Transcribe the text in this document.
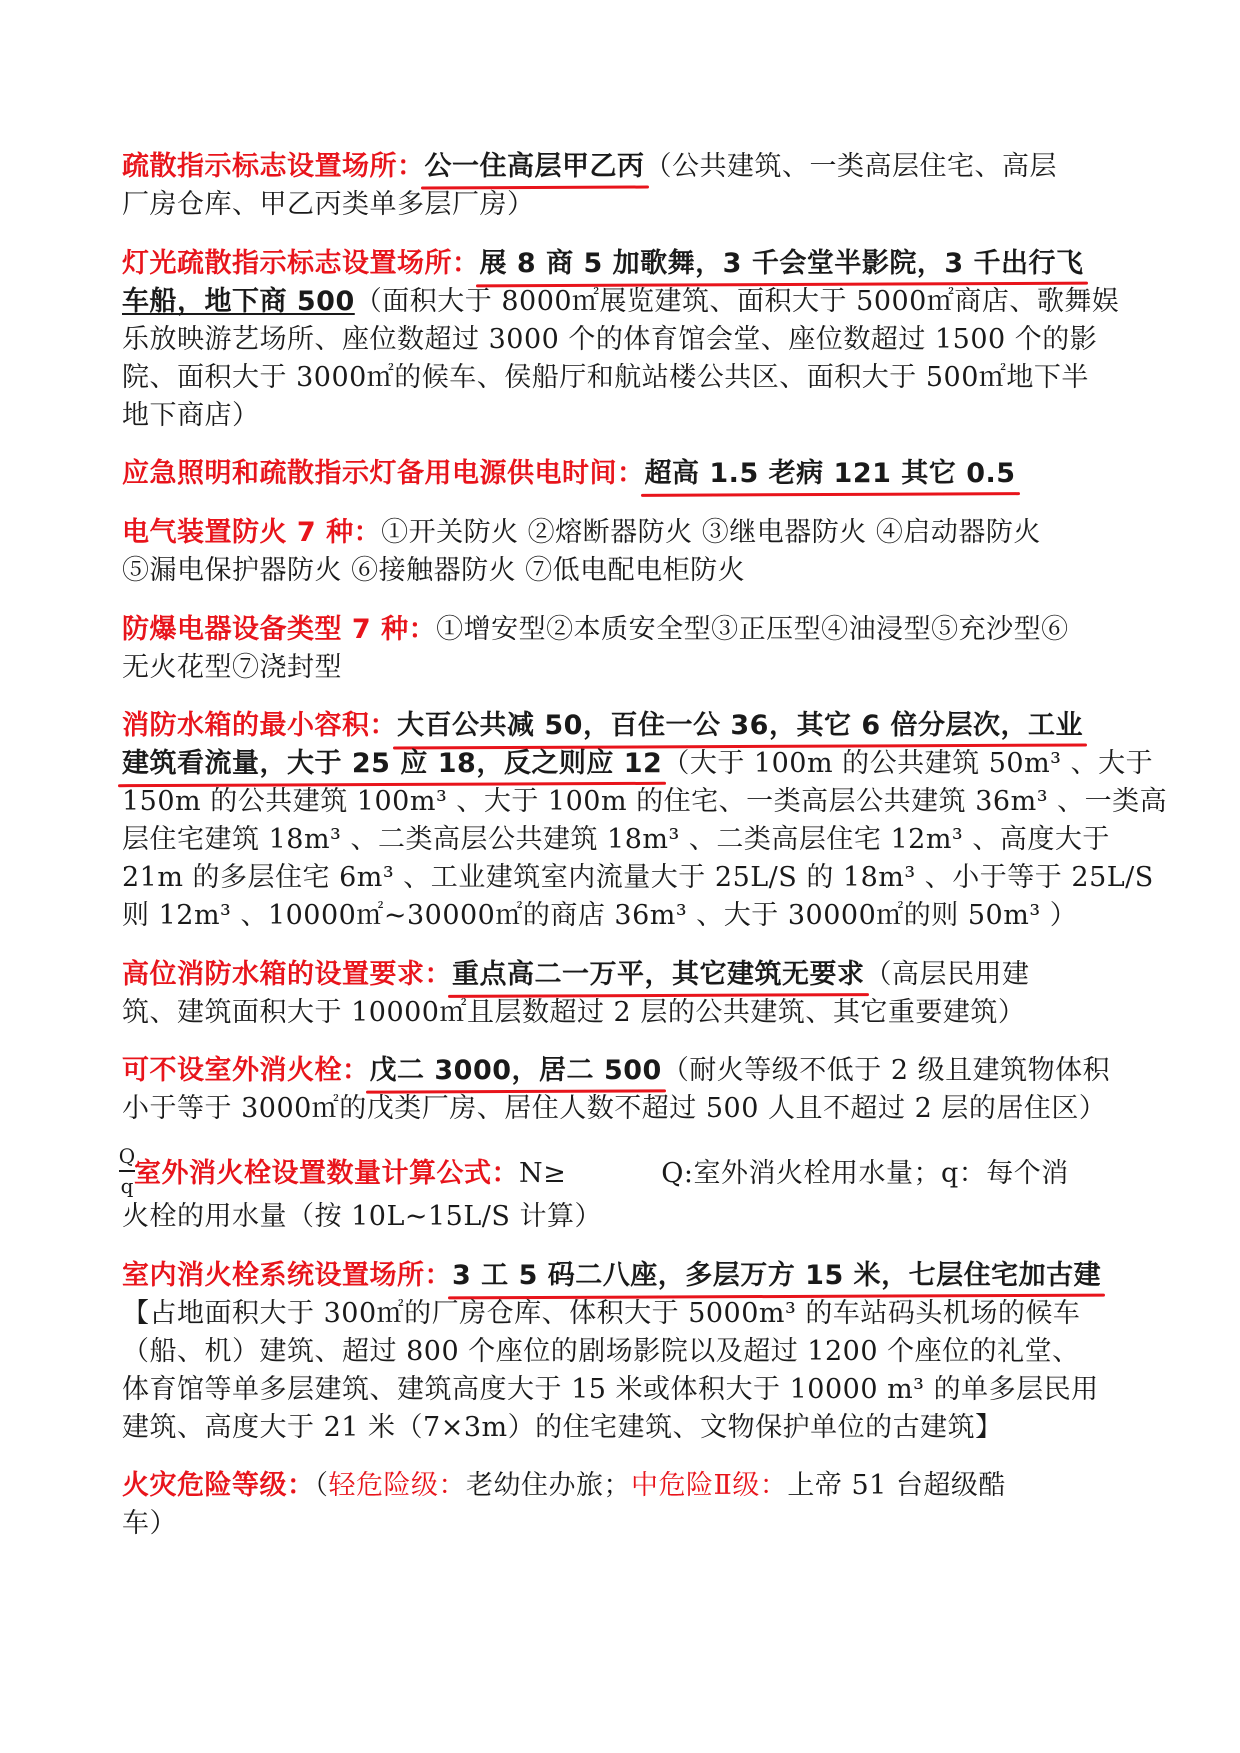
疏散指示标志设置场所：公一住高层甲乙丙（公共建筑、一类高层住宅、高层
厂房仓库、甲乙丙类单多层厂房）
灯光疏散指示标志设置场所：展 8 商 5 加歌舞，3 千会堂半影院，3 千出行飞
车船，地下商 500（面积大于 8000㎡展览建筑、面积大于 5000㎡商店、歌舞娱
乐放映游艺场所、座位数超过 3000 个的体育馆会堂、座位数超过 1500 个的影
院、面积大于 3000㎡的候车、侯船厅和航站楼公共区、面积大于 500㎡地下半
地下商店）
应急照明和疏散指示灯备用电源供电时间：超高 1.5 老病 121 其它 0.5
电气装置防火 7 种：①开关防火 ②熔断器防火 ③继电器防火 ④启动器防火
⑤漏电保护器防火 ⑥接触器防火 ⑦低电配电柜防火
防爆电器设备类型 7 种：①增安型②本质安全型③正压型④油浸型⑤充沙型⑥
无火花型⑦浇封型
消防水箱的最小容积：大百公共减 50，百住一公 36，其它 6 倍分层次，工业
建筑看流量，大于 25 应 18，反之则应 12（大于 100m 的公共建筑 50m³ 、大于
150m 的公共建筑 100m³ 、大于 100m 的住宅、一类高层公共建筑 36m³ 、一类高
层住宅建筑 18m³ 、二类高层公共建筑 18m³ 、二类高层住宅 12m³ 、高度大于
21m 的多层住宅 6m³ 、工业建筑室内流量大于 25L/S 的 18m³ 、小于等于 25L/S
则 12m³ 、10000㎡~30000㎡的商店 36m³ 、大于 30000㎡的则 50m³ ）
高位消防水箱的设置要求：重点高二一万平，其它建筑无要求（高层民用建
筑、建筑面积大于 10000㎡且层数超过 2 层的公共建筑、其它重要建筑）
可不设室外消火栓：戊二 3000，居二 500（耐火等级不低于 2 级且建筑物体积
小于等于 3000㎡的戊类厂房、居住人数不超过 500 人且不超过 2 层的居住区）
Q
q 室外消火栓设置数量计算公式：N≥	Q:室外消火栓用水量；q：每个消
火栓的用水量（按 10L~15L/S 计算）
室内消火栓系统设置场所：3 工 5 码二八座，多层万方 15 米，七层住宅加古建
【占地面积大于 300㎡的厂房仓库、体积大于 5000m³ 的车站码头机场的候车
（船、机）建筑、超过 800 个座位的剧场影院以及超过 1200 个座位的礼堂、
体育馆等单多层建筑、建筑高度大于 15 米或体积大于 10000 m³ 的单多层民用
建筑、高度大于 21 米（7×3m）的住宅建筑、文物保护单位的古建筑】
火灾危险等级：（轻危险级：老幼住办旅；中危险Ⅱ级：上帝 51 台超级酷
车）
